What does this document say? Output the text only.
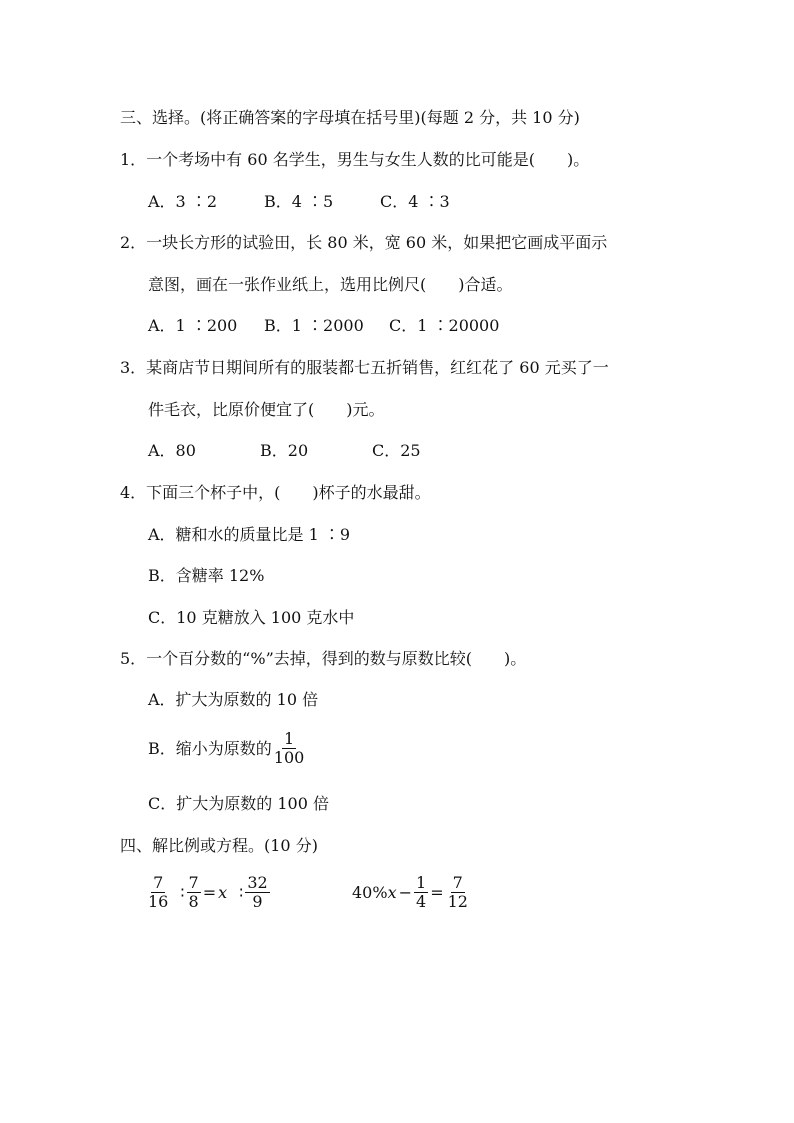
三、选择。(将正确答案的字母填在括号里)(每题 2 分，共 10 分)
1．一个考场中有 60 名学生，男生与女生人数的比可能是(　　)。
A．3 ∶2	B．4 ∶5	C．4 ∶3
2．一块长方形的试验田，长 80 米，宽 60 米，如果把它画成平面示
意图，画在一张作业纸上，选用比例尺(　　)合适。
A．1 ∶200 B．1 ∶2000 C．1 ∶20000
3．某商店节日期间所有的服装都七五折销售，红红花了 60 元买了一
件毛衣，比原价便宜了(　　)元。
A．80	B．20	C．25
4．下面三个杯子中，(　　)杯子的水最甜。
A．糖和水的质量比是 1 ∶9
B．含糖率 12%
C．10 克糖放入 100 克水中
5．一个百分数的“%”去掉，得到的数与原数比较(　　)。
A．扩大为原数的 10 倍
B．缩小为原数的 $\frac{1}{100}$
C．扩大为原数的 100 倍
四、解比例或方程。(10 分)
$\frac{7}{16}$ ∶ $\frac{7}{8} = x$ ∶ $\frac{32}{9}$	40% $x - \frac{1}{4} = \frac{7}{12}$
